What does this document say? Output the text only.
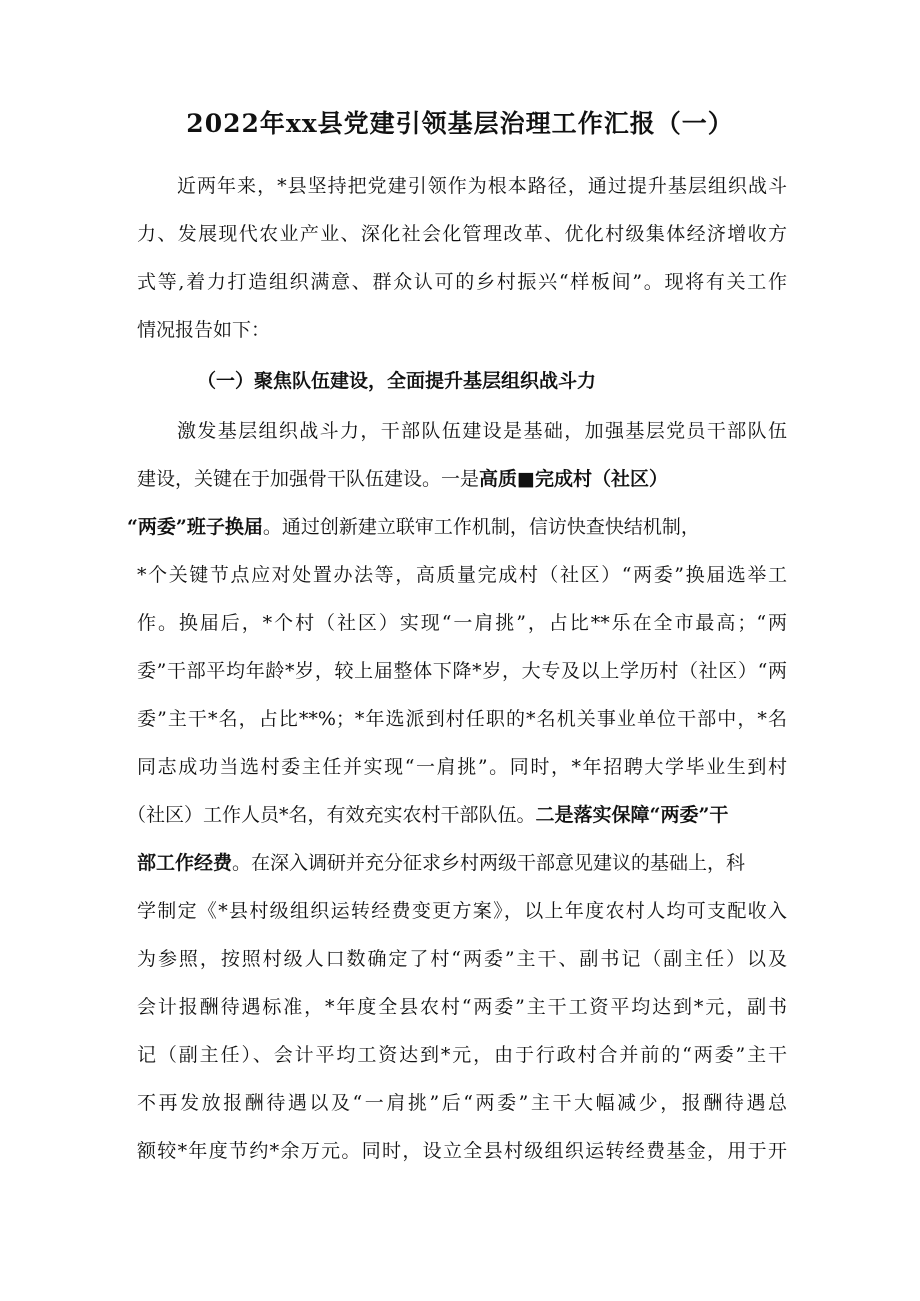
2022年xx县党建引领基层治理工作汇报（一）
近两年来，*县坚持把党建引领作为根本路径，通过提升基层组织战斗
力、发展现代农业产业、深化社会化管理改革、优化村级集体经济增收方
式等,着力打造组织满意、群众认可的乡村振兴“样板间”。现将有关工作
情况报告如下：
（一）聚焦队伍建设，全面提升基层组织战斗力
激发基层组织战斗力，干部队伍建设是基础，加强基层党员干部队伍
建设，关键在于加强骨干队伍建设。一是高质■完成村（社区）
“两委”班子换届。通过创新建立联审工作机制，信访快查快结机制，
*个关键节点应对处置办法等，高质量完成村（社区）“两委”换届选举工
作。换届后，*个村（社区）实现“一肩挑”，占比**乐在全市最高；“两
委”干部平均年龄*岁，较上届整体下降*岁，大专及以上学历村（社区）“两
委”主干*名，占比**%；*年选派到村任职的*名机关事业单位干部中，*名
同志成功当选村委主任并实现“一肩挑”。同时，*年招聘大学毕业生到村
（社区）工作人员*名，有效充实农村干部队伍。二是落实保障“两委”干
部工作经费。在深入调研并充分征求乡村两级干部意见建议的基础上，科
学制定《*县村级组织运转经费变更方案》，以上年度农村人均可支配收入
为参照，按照村级人口数确定了村“两委”主干、副书记（副主任）以及
会计报酬待遇标准，*年度全县农村“两委”主干工资平均达到*元，副书
记（副主任）、会计平均工资达到*元，由于行政村合并前的“两委”主干
不再发放报酬待遇以及“一肩挑”后“两委”主干大幅减少，报酬待遇总
额较*年度节约*余万元。同时，设立全县村级组织运转经费基金，用于开
